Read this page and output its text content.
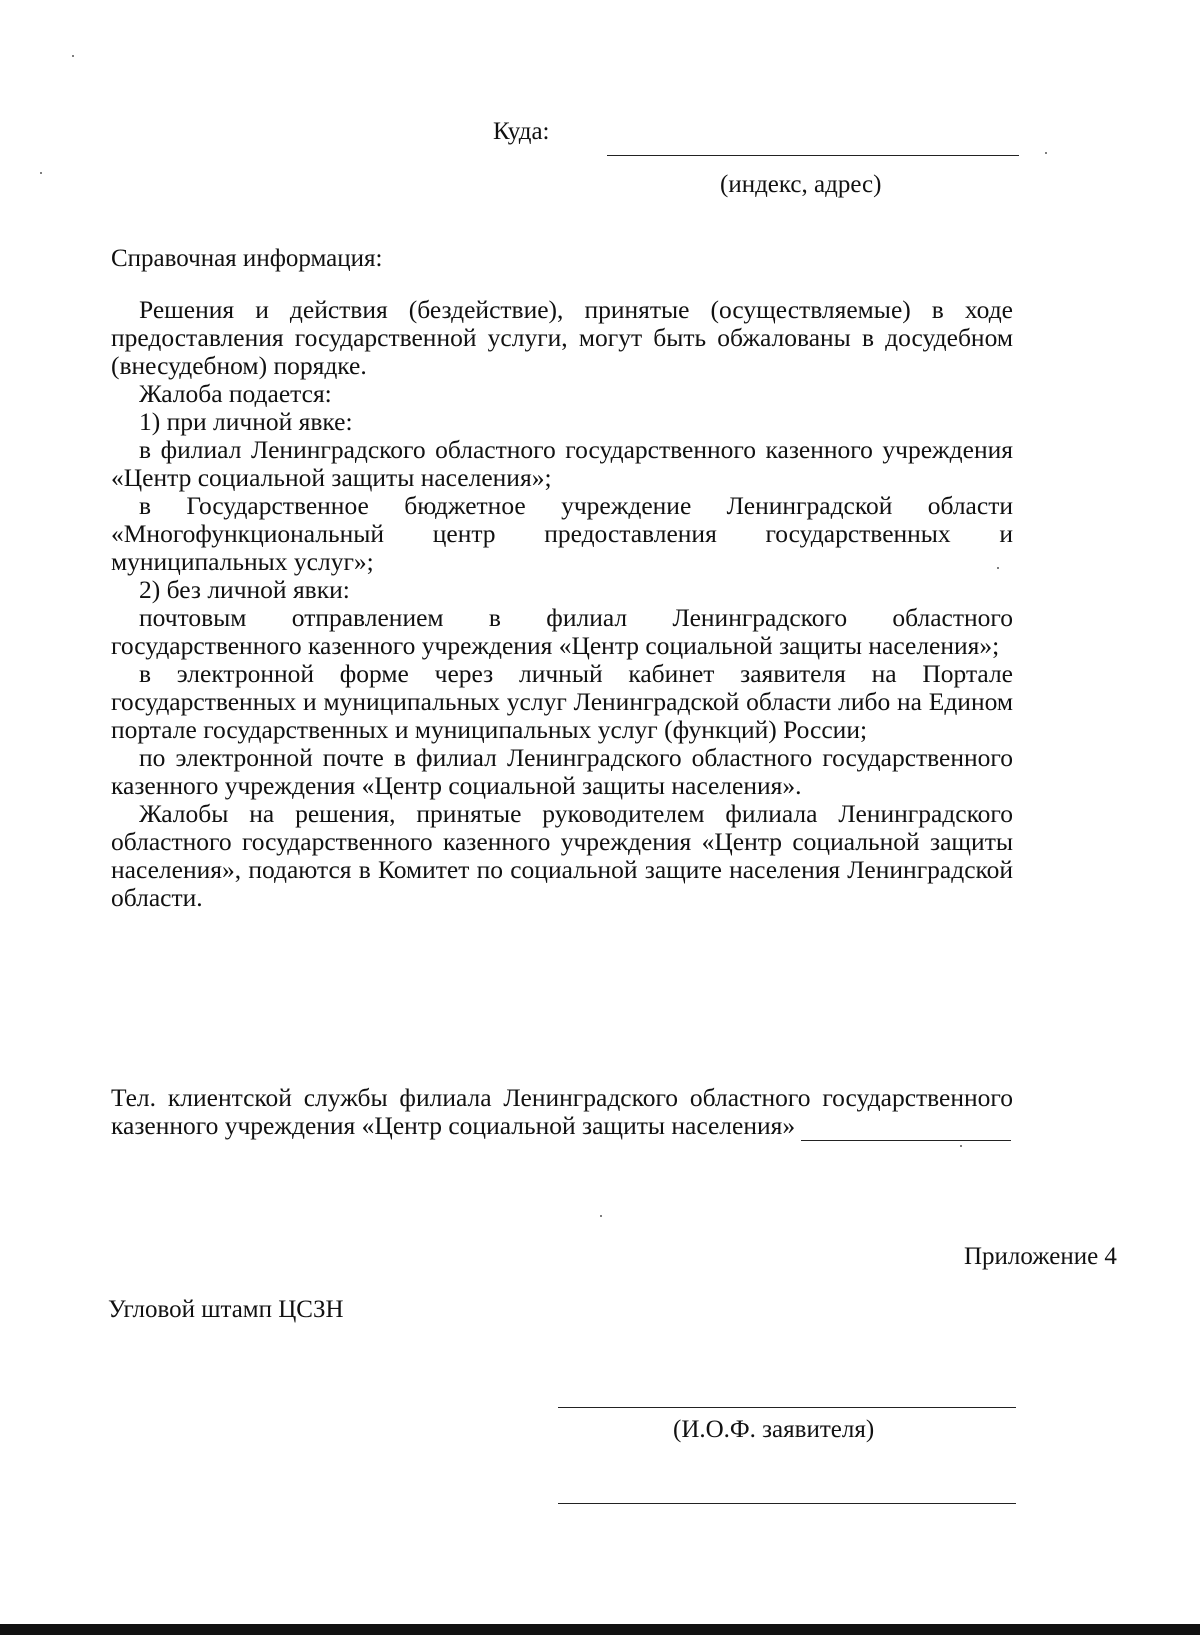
Куда:
(индекс, адрес)
Справочная информация:

Решения и действия (бездействие), принятые (осуществляемые) в ходе предоставления государственной услуги, могут быть обжалованы в досудебном (внесудебном) порядке.

Жалоба подается:

1) при личной явке:

в филиал Ленинградского областного государственного казенного учреждения «Центр социальной защиты населения»;

в Государственное бюджетное учреждение Ленинградской области «Многофункциональный центр предоставления государственных и муниципальных услуг»;

2) без личной явки:

почтовым отправлением в филиал Ленинградского областного государственного казенного учреждения «Центр социальной защиты населения»;

в электронной форме через личный кабинет заявителя на Портале государственных и муниципальных услуг Ленинградской области либо на Едином портале государственных и муниципальных услуг (функций) России;

по электронной почте в филиал Ленинградского областного государственного казенного учреждения «Центр социальной защиты населения».

Жалобы на решения, принятые руководителем филиала Ленинградского областного государственного казенного учреждения «Центр социальной защиты населения», подаются в Комитет по социальной защите населения Ленинградской области.

Тел. клиентской службы филиала Ленинградского областного государственного казенного учреждения «Центр социальной защиты населения»

Приложение 4
Угловой штамп ЦСЗН
(И.О.Ф. заявителя)
